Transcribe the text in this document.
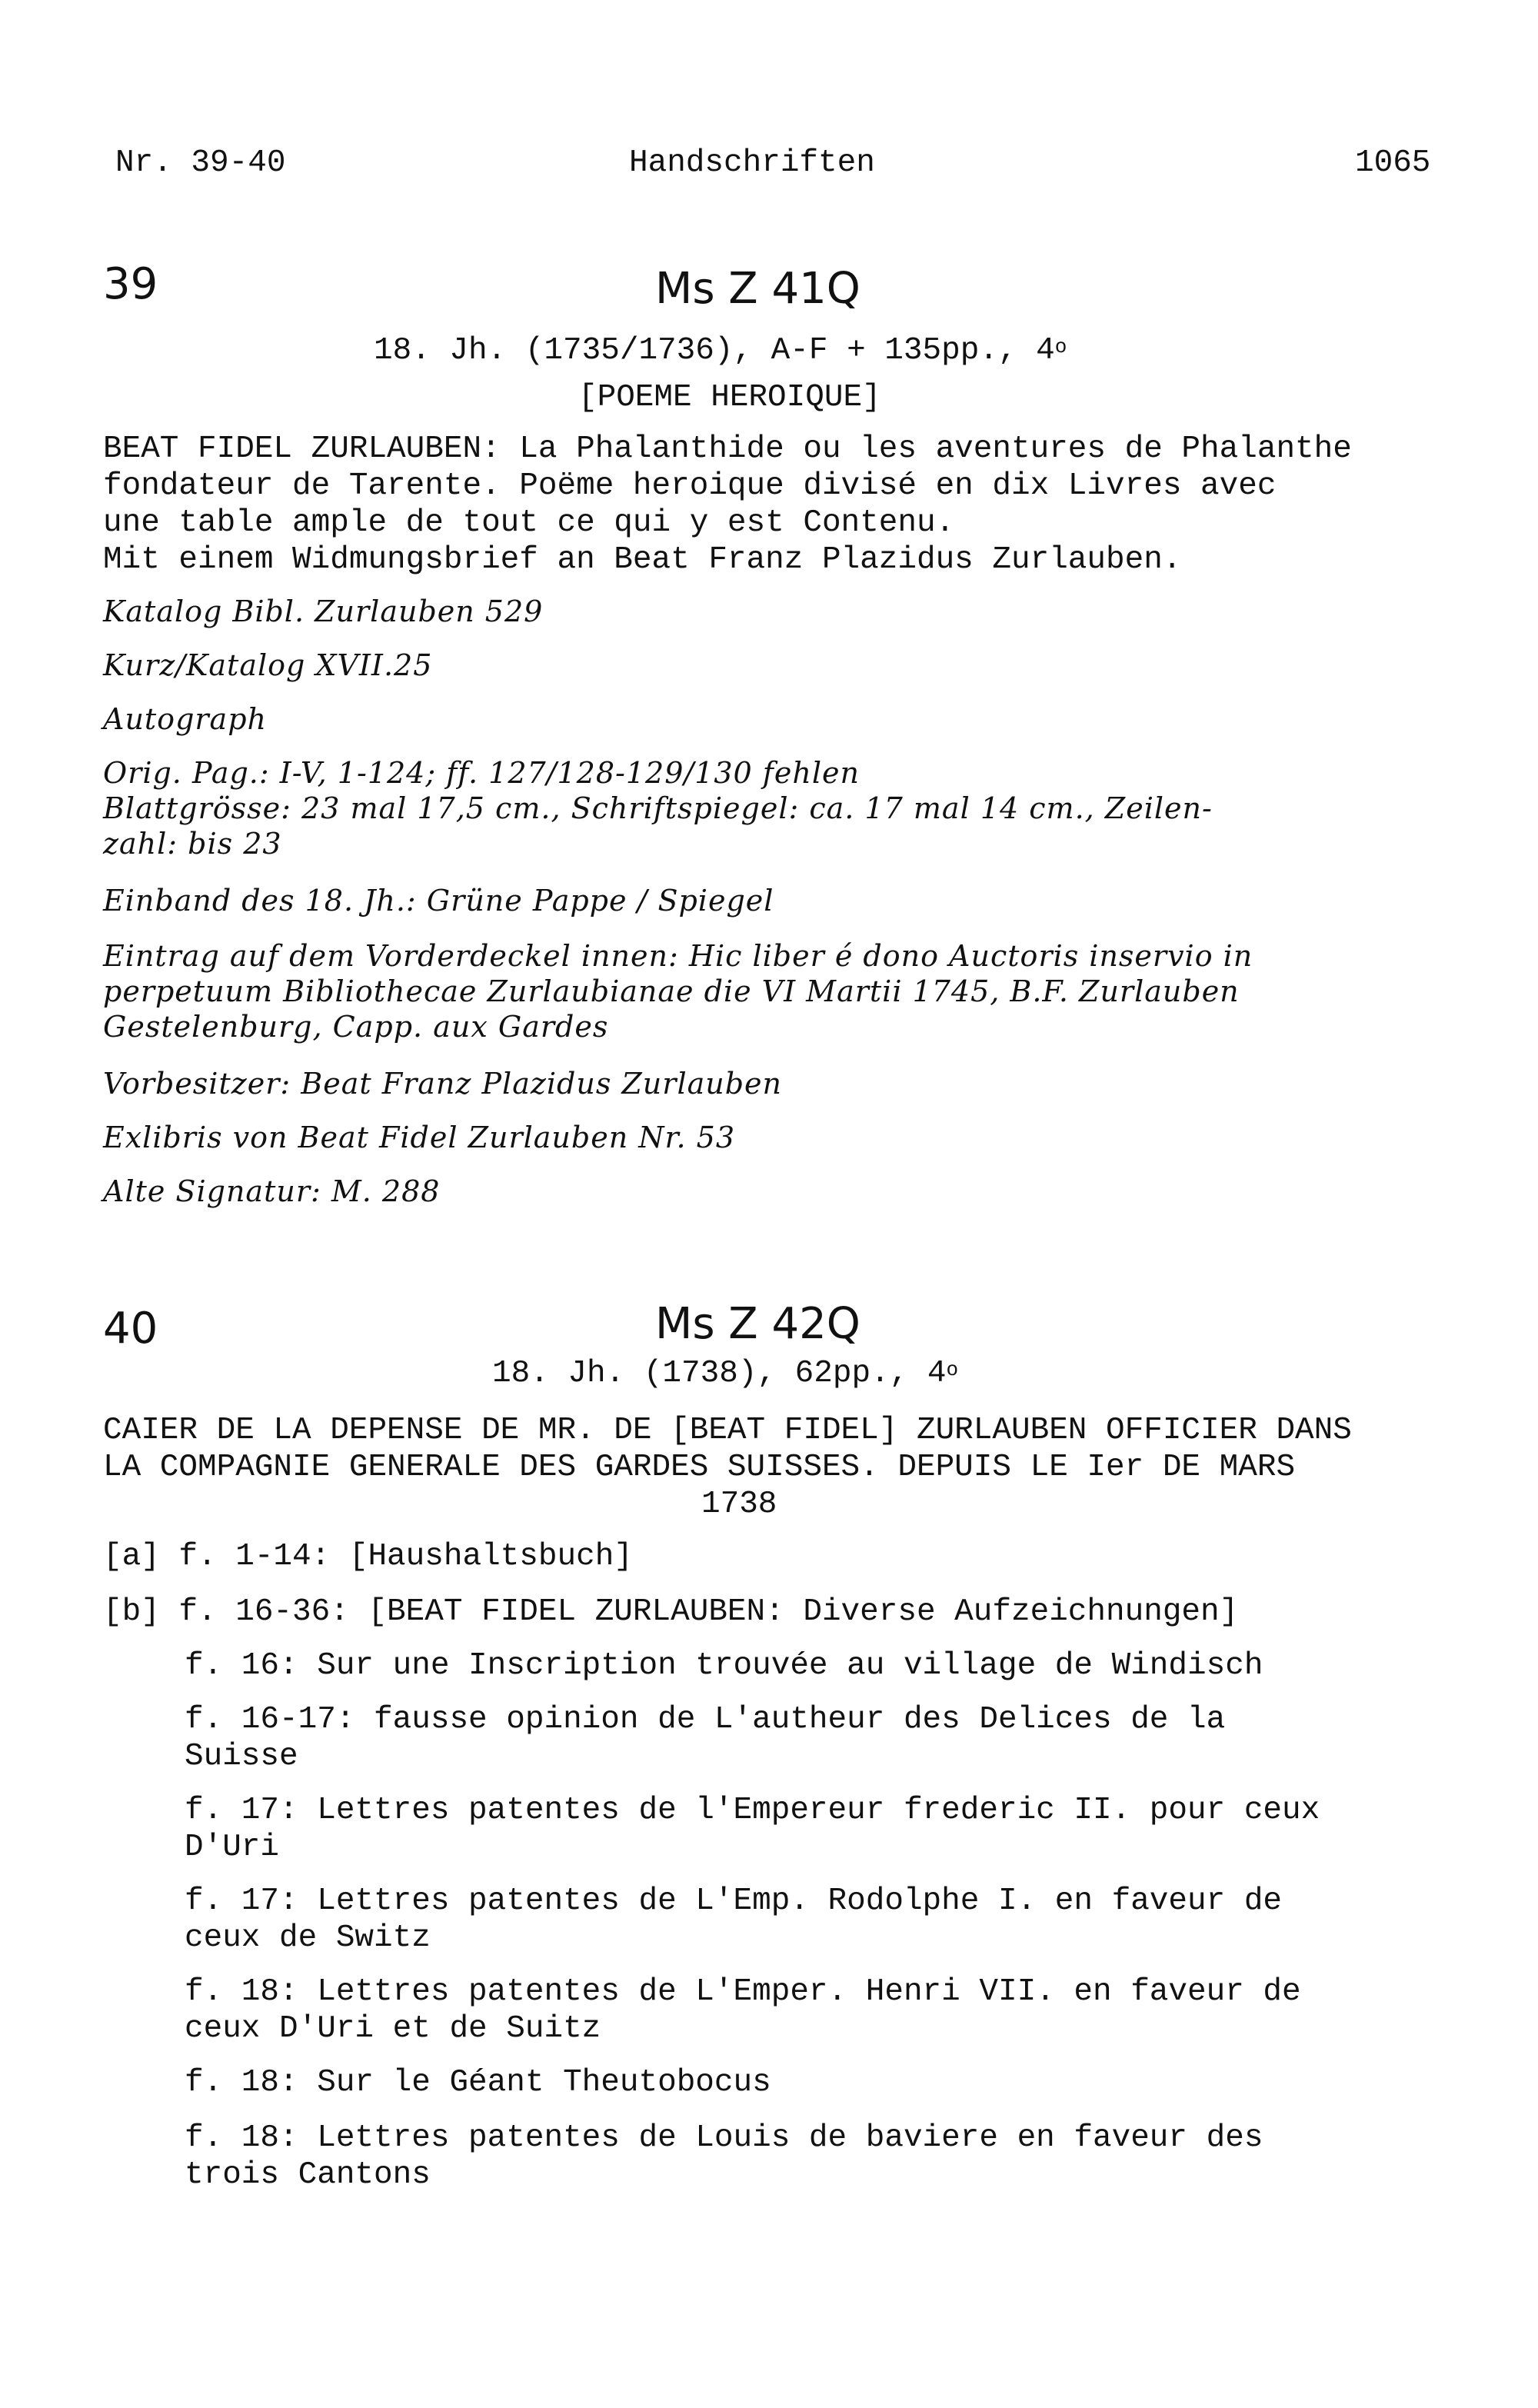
Nr. 39-40	Handschriften	1065
39	Ms Z 41Q
18. Jh. (1735/1736), A-F + 135pp., 4$^o$
[POEME HEROIQUE]
BEAT FIDEL ZURLAUBEN: La Phalanthide ou les aventures de Phalanthe
fondateur de Tarente. Poëme heroique divisé en dix Livres avec
une table ample de tout ce qui y est Contenu.
Mit einem Widmungsbrief an Beat Franz Plazidus Zurlauben.
Katalog Bibl. Zurlauben 529
Kurz/Katalog XVII.25
Autograph
Orig. Pag.: I-V, 1-124; ff. 127/128-129/130 fehlen
Blattgrösse: 23 mal 17,5 cm., Schriftspiegel: ca. 17 mal 14 cm., Zeilen-
zahl: bis 23
Einband des 18. Jh.: Grüne Pappe / Spiegel
Eintrag auf dem Vorderdeckel innen: Hic liber é dono Auctoris inservio in
perpetuum Bibliothecae Zurlaubianae die VI Martii 1745, B.F. Zurlauben
Gestelenburg, Capp. aux Gardes
Vorbesitzer: Beat Franz Plazidus Zurlauben
Exlibris von Beat Fidel Zurlauben Nr. 53
Alte Signatur: M. 288
40	Ms Z 42Q
18. Jh. (1738), 62pp., 4$^o$
CAIER DE LA DEPENSE DE MR. DE [BEAT FIDEL] ZURLAUBEN OFFICIER DANS
LA COMPAGNIE GENERALE DES GARDES SUISSES. DEPUIS LE Ier DE MARS
1738
[a] f. 1-14: [Haushaltsbuch]
[b] f. 16-36: [BEAT FIDEL ZURLAUBEN: Diverse Aufzeichnungen]
f. 16: Sur une Inscription trouvée au village de Windisch
f. 16-17: fausse opinion de L'autheur des Delices de la
Suisse
f. 17: Lettres patentes de l'Empereur frederic II. pour ceux
D'Uri
f. 17: Lettres patentes de L'Emp. Rodolphe I. en faveur de
ceux de Switz
f. 18: Lettres patentes de L'Emper. Henri VII. en faveur de
ceux D'Uri et de Suitz
f. 18: Sur le Géant Theutobocus
f. 18: Lettres patentes de Louis de baviere en faveur des
trois Cantons
